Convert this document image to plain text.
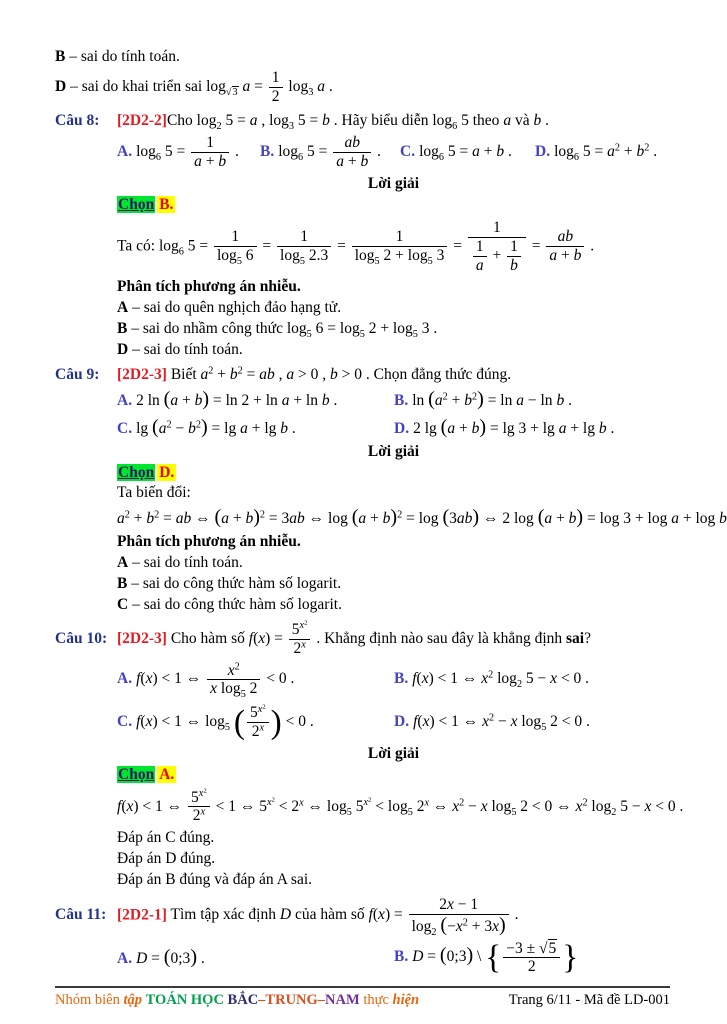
B – sai do tính toán.
D – sai do khai triển sai $\log_{√3} a = \frac{1}{2} \log_3 a$ .
Câu 8:	[2D2-2]Cho $\log_2 5 = a$ , $\log_3 5 = b$ . Hãy biểu diễn $\log_6 5$ theo a và b .
A. $\log_6 5 = \frac{1}{a + b}$ .	B. $\log_6 5 = \frac{ab}{a + b}$ .	C. $\log_6 5 = a + b$ .	D. $\log_6 5 = a^2 + b^2$ .
Lời giải
Chọn B.
Ta có: $\log_6 5 = \frac{1}{\log_5 6} = \frac{1}{\log_5 2.3} = \frac{1}{\log_5 2 + \log_5 3} = \frac{1}{\frac{1}{a} + \frac{1}{b}} = \frac{ab}{a + b}$ .
Phân tích phương án nhiễu.
A – sai do quên nghịch đảo hạng tử.
B – sai do nhầm công thức $\log_5 6 = \log_5 2 + \log_5 3$ .
D – sai do tính toán.
Câu 9:	[2D2-3] Biết $a^2 + b^2$ = ab , a > 0 , b > 0 . Chọn đẳng thức đúng.
A. 2 ln (a + b) = ln 2 + ln a + ln b .	B. $\ln (a^2 + b^2) = \ln a - \ln b$ .
C. $\lg (a^2 - b^2) = \lg a + \lg b$ .	D. 2 lg (a + b) = lg 3 + lg a + lg b .
Lời giải
Chọn D.
Ta biến đổi:
$a^2 + b^2$ = ab ⇔ $(a + b)^2 = 3ab$ ⇔ $\log (a + b)^2 = \log (3ab)$ ⇔ 2 log (a + b) = log 3 + log a + log b
Phân tích phương án nhiễu.
A – sai do tính toán.
B – sai do công thức hàm số logarit.
C – sai do công thức hàm số logarit.
Câu 10: [2D2-3] Cho hàm số $f(x) = \frac{5^{x^2}}{2^x}$ . Khẳng định nào sau đây là khẳng định sai?
A. f(x) < 1 ⇔ $\frac{x^2}{x \log_5 2} < 0$ .	B. f(x) < 1 ⇔ $x^2$ $\log_2 5 - x < 0$ .
C. f(x) < 1 ⇔ $\log_5$ ( $\frac{5^{x^2}}{2^x}$ ) < 0 .	D. f(x) < 1 ⇔ $x^2 - x$ $\log_5 2 < 0$ .
Lời giải
Chọn A.
f(x) < 1 ⇔ $\frac{5^{x^2}}{2^x} < 1$ ⇔ $5^{x^2} < 2^x$ ⇔ $\log_5 5^{x^2} < \log_5 2^x$ ⇔ $x^2 - x$ $\log_5 2 < 0$ ⇔ $x^2$ $\log_2 5 - x < 0$ .
Đáp án C đúng.
Đáp án D đúng.
Đáp án B đúng và đáp án A sai.
Câu 11: [2D2-1] Tìm tập xác định D của hàm số $f(x) = \frac{2x - 1}{\log_2 (-x^2 + 3x)}$ .
A. D = (0;3) .	B. D = (0;3) \ { $\frac{-3 \pm √5}{2}$ }
Nhóm biên tập TOÁN HỌC BẮC–TRUNG–NAM thực hiện	Trang 6/11 - Mã đề LD-001
